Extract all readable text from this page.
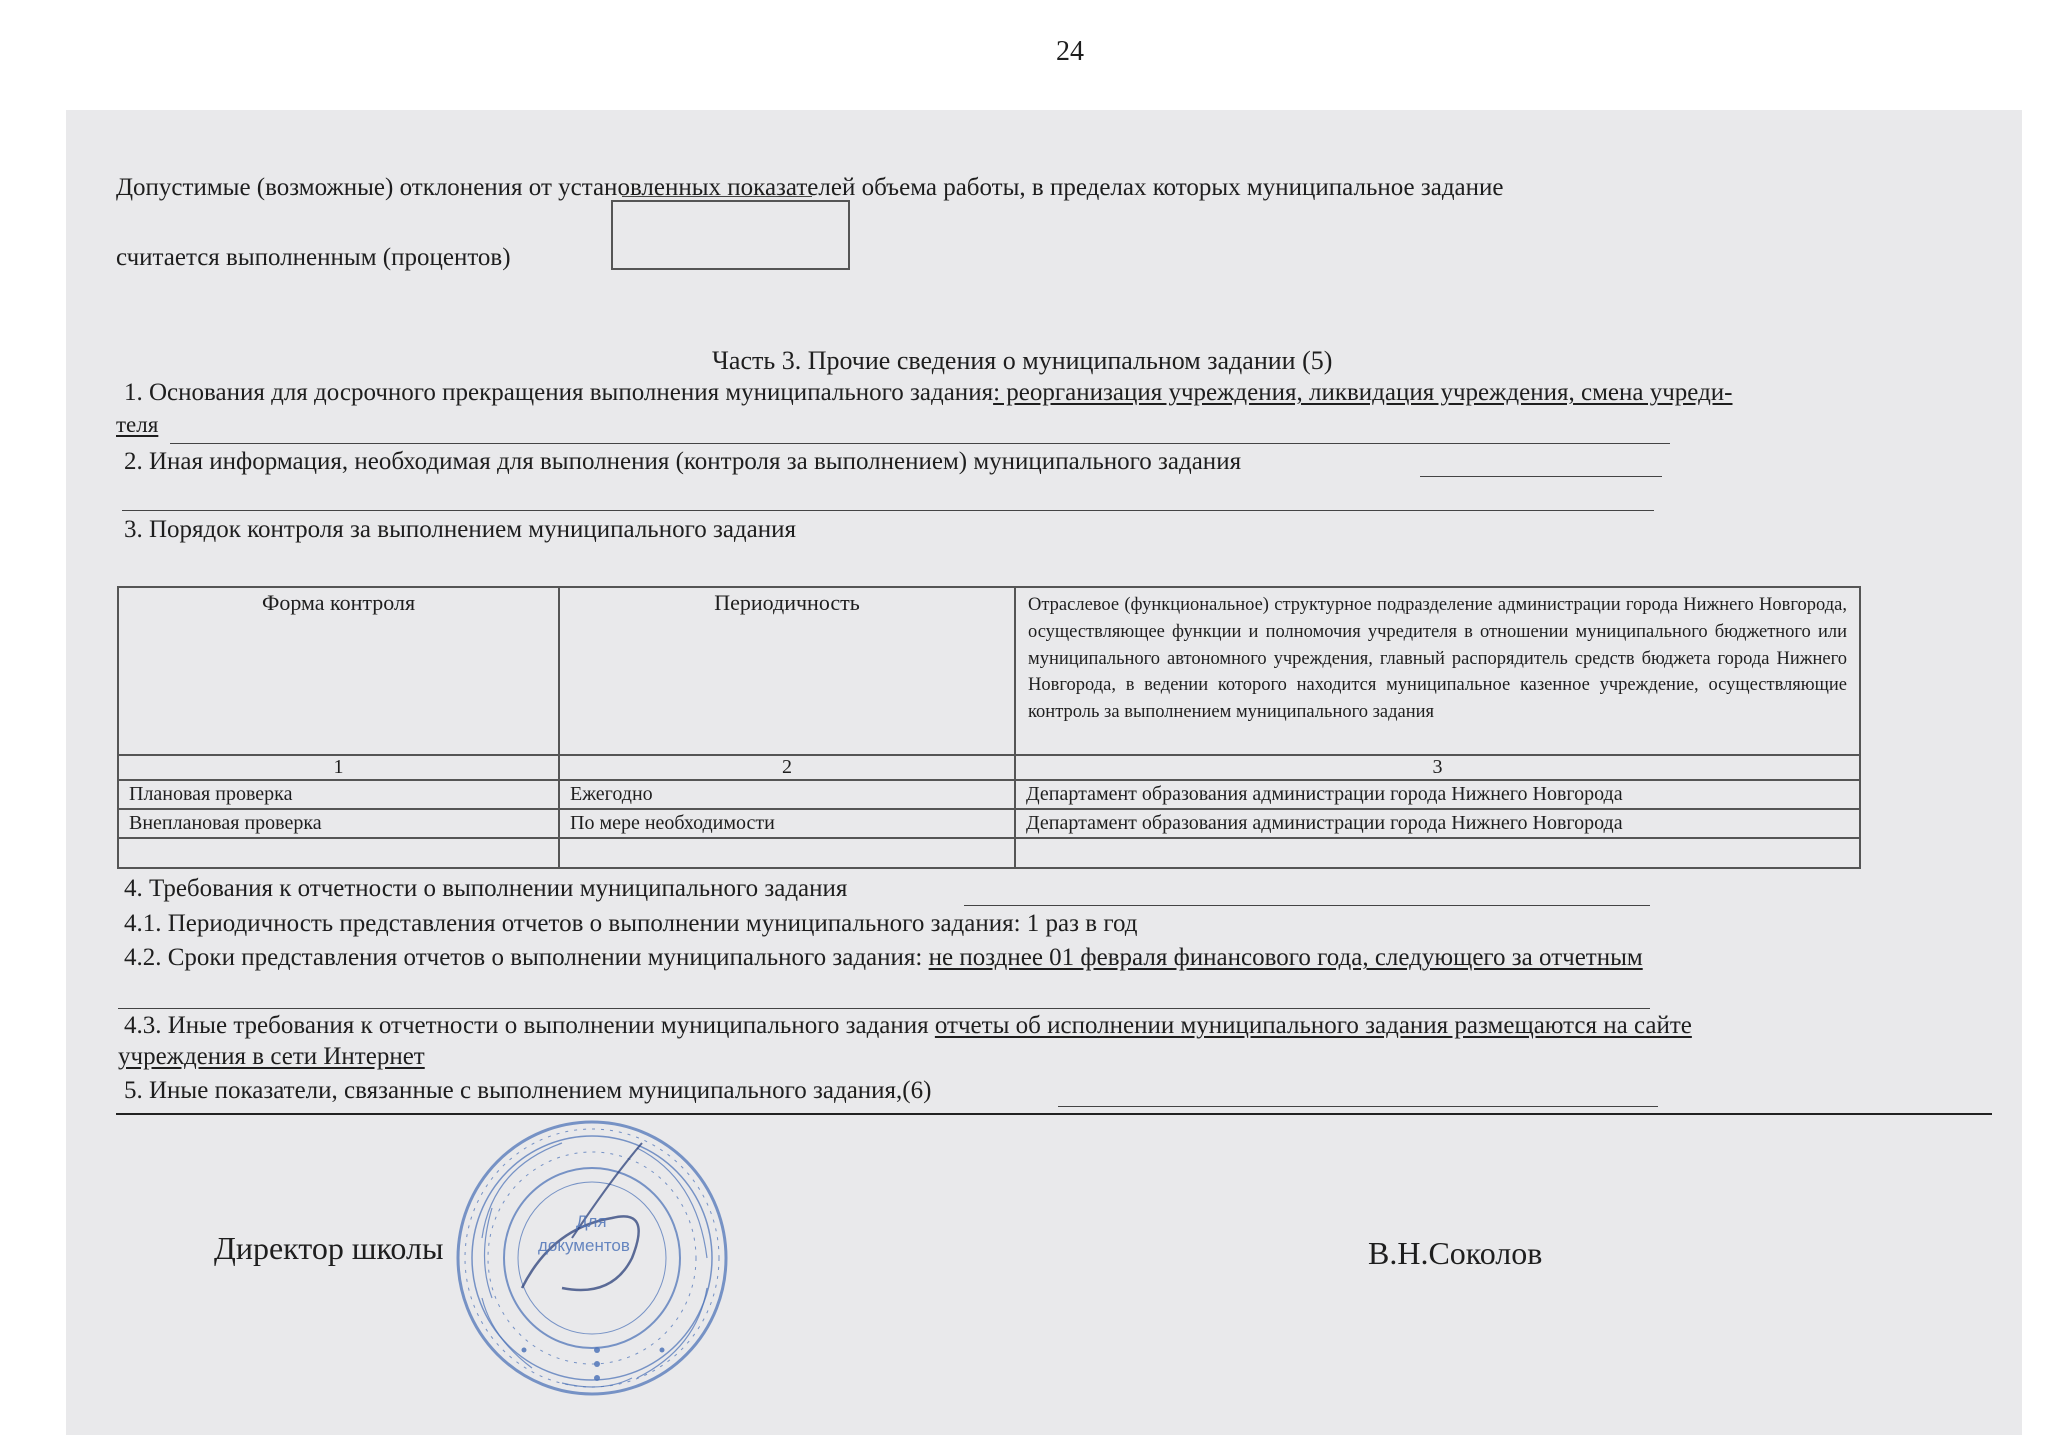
24
Допустимые (возможные) отклонения от установленных показателей объема работы, в пределах которых муниципальное задание
считается выполненным (процентов)
Часть 3. Прочие сведения о муниципальном задании (5)
1. Основания для досрочного прекращения выполнения муниципального задания: реорганизация учреждения, ликвидация учреждения, смена учреди-
теля
2. Иная информация, необходимая для выполнения (контроля за выполнением) муниципального задания
3. Порядок контроля за выполнением муниципального задания
Форма контроля	Периодичность	Отраслевое (функциональное) структурное подразделение администрации города Нижнего Новгорода, осуществляющее функции и полномочия учредителя в отношении муниципального бюджетного или муниципального автономного учреждения, главный распорядитель средств бюджета города Нижнего Новгорода, в ведении которого находится муниципальное казенное учреждение, осуществляющие контроль за выполнением муниципального задания
1	2	3
Плановая проверка	Ежегодно	Департамент образования администрации города Нижнего Новгорода
Внеплановая проверка	По мере необходимости	Департамент образования администрации города Нижнего Новгорода

4. Требования к отчетности о выполнении муниципального задания
4.1. Периодичность представления отчетов о выполнении муниципального задания: 1 раз в год
4.2. Сроки представления отчетов о выполнении муниципального задания: не позднее 01 февраля финансового года, следующего за отчетным
4.3. Иные требования к отчетности о выполнении муниципального задания отчеты об исполнении муниципального задания размещаются на сайте
учреждения в сети Интернет
5. Иные показатели, связанные с выполнением муниципального задания,(6)
Директор школы
Для
документов	В.Н.Соколов
